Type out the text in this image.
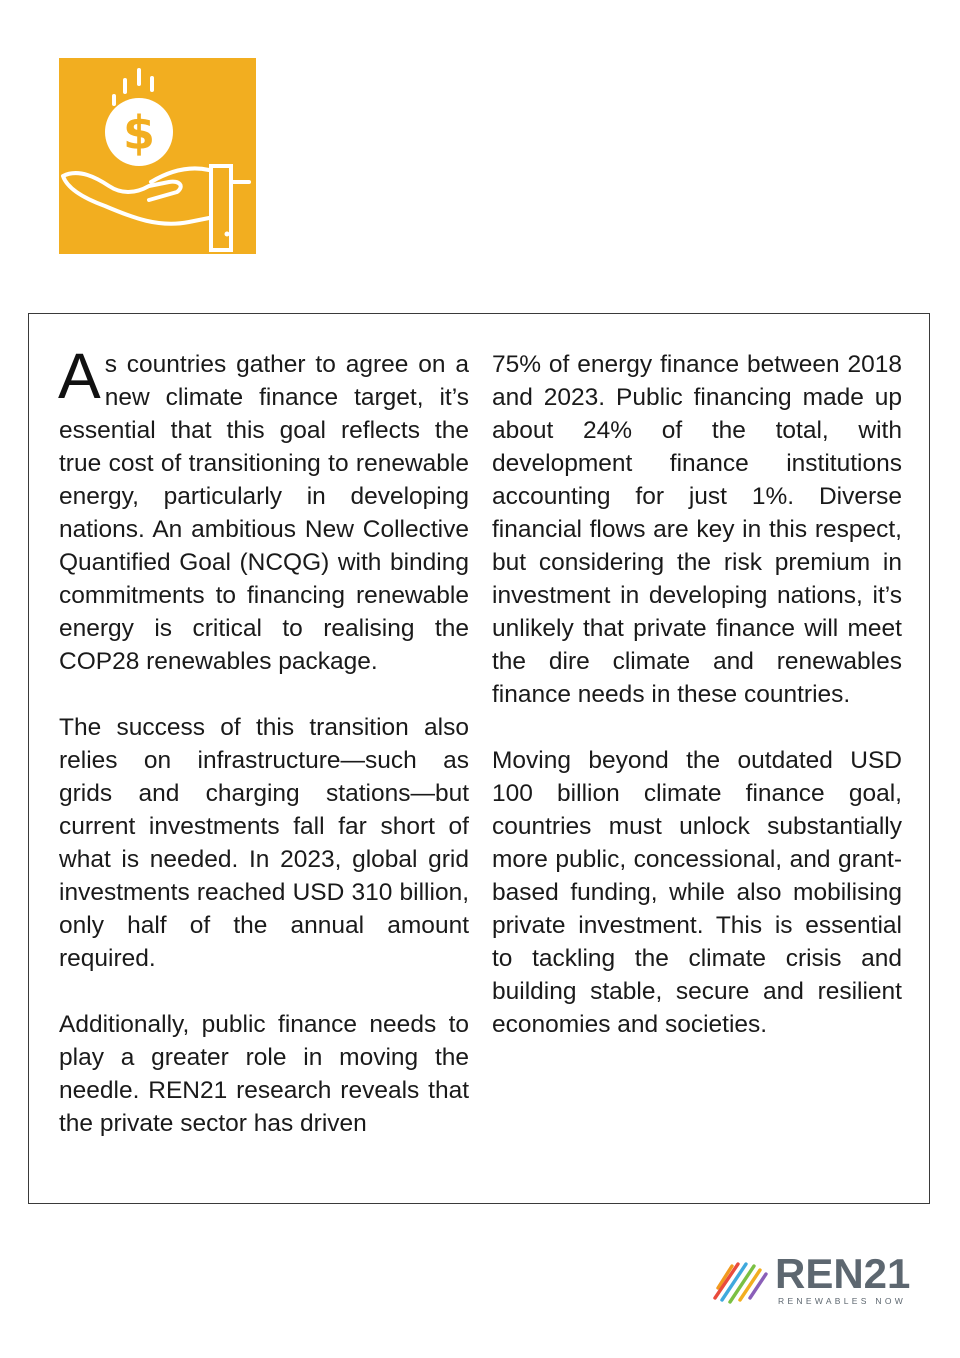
$

As countries gather to agree on a new climate finance target, it’s essential that this goal reflects the true cost of transitioning to renewable energy, particularly in developing nations. An ambitious New Collective Quantified Goal (NCQG) with binding commitments to financing renewable energy is critical to realising the COP28 renewables package.

The success of this transition also relies on infrastructure—such as grids and charging stations—but current investments fall far short of what is needed. In 2023, global grid investments reached USD 310 billion, only half of the annual amount required.

Additionally, public finance needs to play a greater role in moving the needle. REN21 research reveals that the private sector has driven

75% of energy finance between 2018 and 2023. Public financing made up about 24% of the total, with development finance institutions accounting for just 1%. Diverse financial flows are key in this respect, but considering the risk premium in investment in developing nations, it’s unlikely that private finance will meet the dire climate and renewables finance needs in these countries.

Moving beyond the outdated USD 100 billion climate finance goal, countries must unlock substantially more public, concessional, and grant-based funding, while also mobilising private investment. This is essential to tackling the climate crisis and building stable, secure and resilient economies and societies.

REN21
RENEWABLES NOW
